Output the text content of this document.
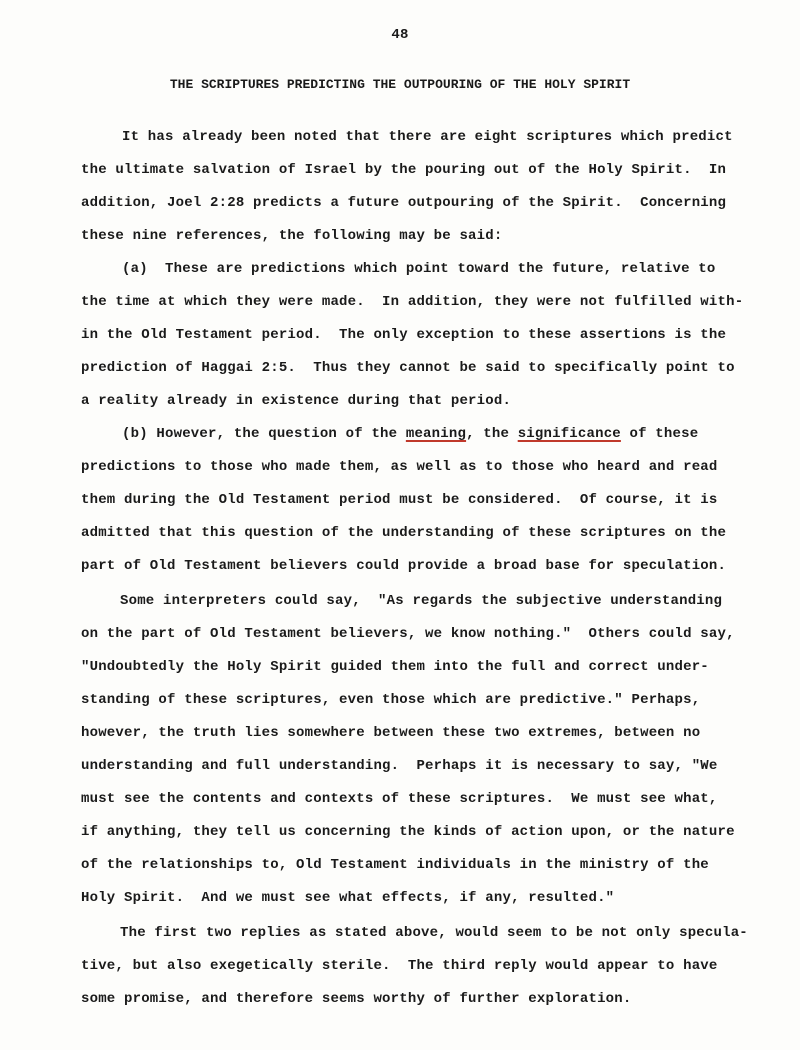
48
THE SCRIPTURES PREDICTING THE OUTPOURING OF THE HOLY SPIRIT
It has already been noted that there are eight scriptures which predict
the ultimate salvation of Israel by the pouring out of the Holy Spirit.  In
addition, Joel 2:28 predicts a future outpouring of the Spirit.  Concerning
these nine references, the following may be said:
(a)  These are predictions which point toward the future, relative to
the time at which they were made.  In addition, they were not fulfilled with-
in the Old Testament period.  The only exception to these assertions is the
prediction of Haggai 2:5.  Thus they cannot be said to specifically point to
a reality already in existence during that period.
(b) However, the question of the meaning, the significance of these
predictions to those who made them, as well as to those who heard and read
them during the Old Testament period must be considered.  Of course, it is
admitted that this question of the understanding of these scriptures on the
part of Old Testament believers could provide a broad base for speculation.
Some interpreters could say,  "As regards the subjective understanding
on the part of Old Testament believers, we know nothing."  Others could say,
"Undoubtedly the Holy Spirit guided them into the full and correct under-
standing of these scriptures, even those which are predictive." Perhaps,
however, the truth lies somewhere between these two extremes, between no
understanding and full understanding.  Perhaps it is necessary to say, "We
must see the contents and contexts of these scriptures.  We must see what,
if anything, they tell us concerning the kinds of action upon, or the nature
of the relationships to, Old Testament individuals in the ministry of the
Holy Spirit.  And we must see what effects, if any, resulted."
The first two replies as stated above, would seem to be not only specula-
tive, but also exegetically sterile.  The third reply would appear to have
some promise, and therefore seems worthy of further exploration.
